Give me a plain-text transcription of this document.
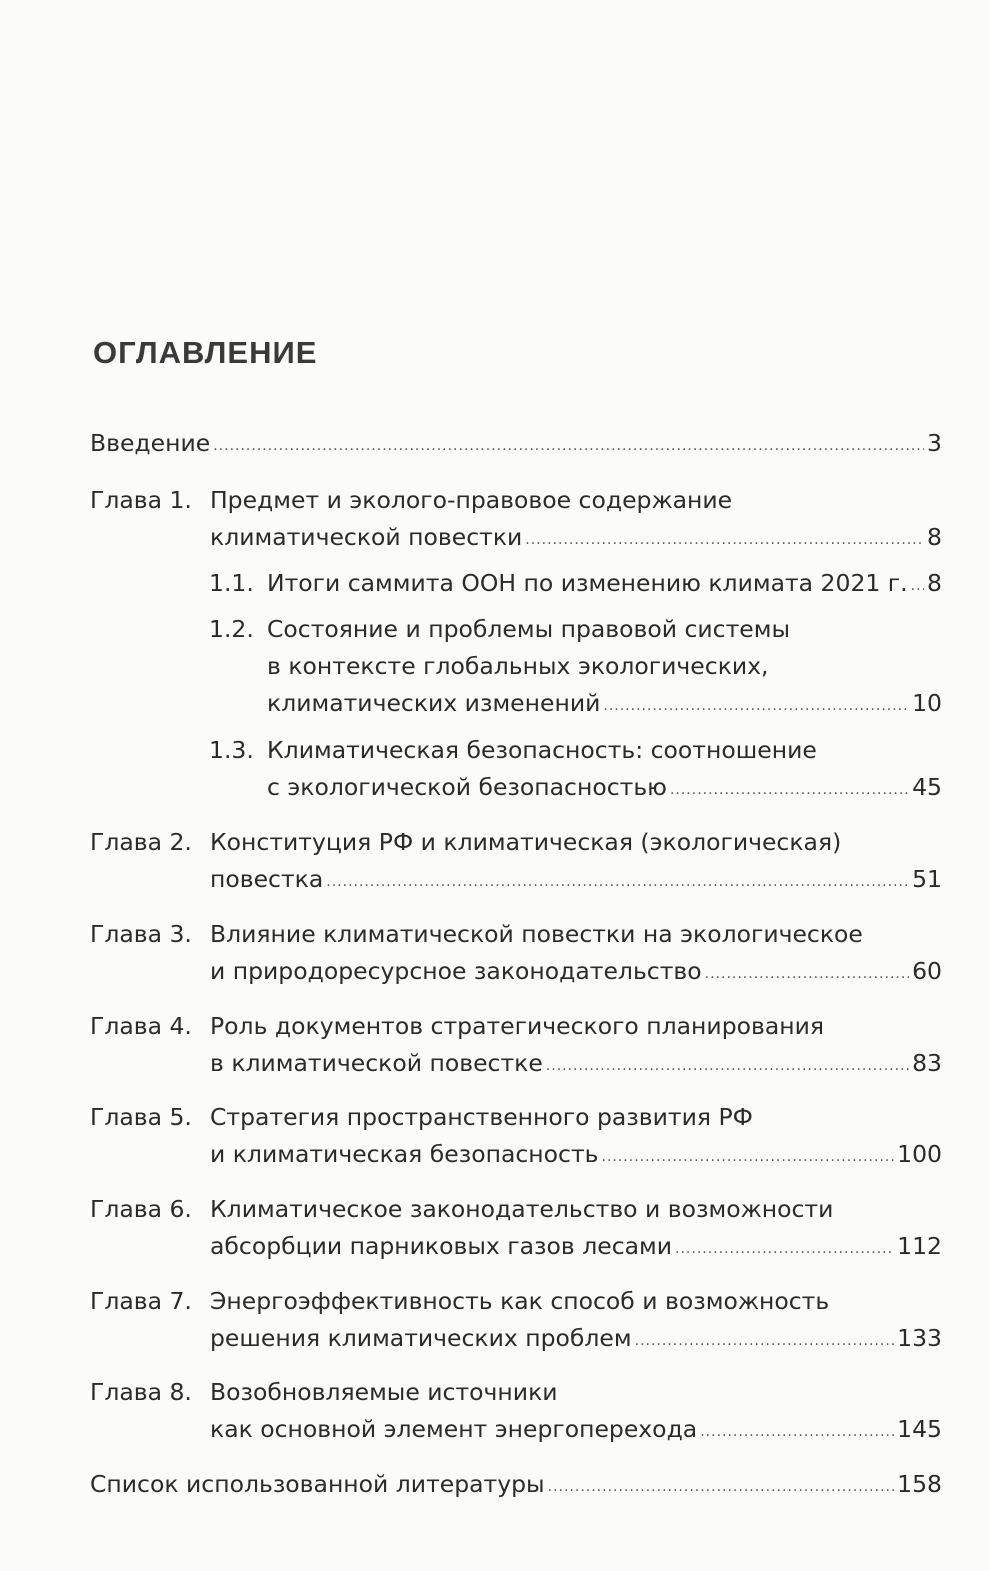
ОГЛАВЛЕНИЕ
Введение .....	3
Глава 1. Предмет и эколого-правовое содержание
климатической повестки .....	8
1.1. Итоги саммита ООН по изменению климата 2021 г. ..... 8
1.2. Состояние и проблемы правовой системы
в контексте глобальных экологических,
климатических изменений .....	10
1.3. Климатическая безопасность: соотношение
с экологической безопасностью .....	45
Глава 2. Конституция РФ и климатическая (экологическая)
повестка .....	51
Глава 3. Влияние климатической повестки на экологическое
и природоресурсное законодательство .....	60
Глава 4. Роль документов стратегического планирования
в климатической повестке .....	83
Глава 5. Стратегия пространственного развития РФ
и климатическая безопасность .....	100
Глава 6. Климатическое законодательство и возможности
абсорбции парниковых газов лесами .....	112
Глава 7. Энергоэффективность как способ и возможность
решения климатических проблем .....	133
Глава 8. Возобновляемые источники
как основной элемент энергоперехода .....	145
Список использованной литературы .....	158
